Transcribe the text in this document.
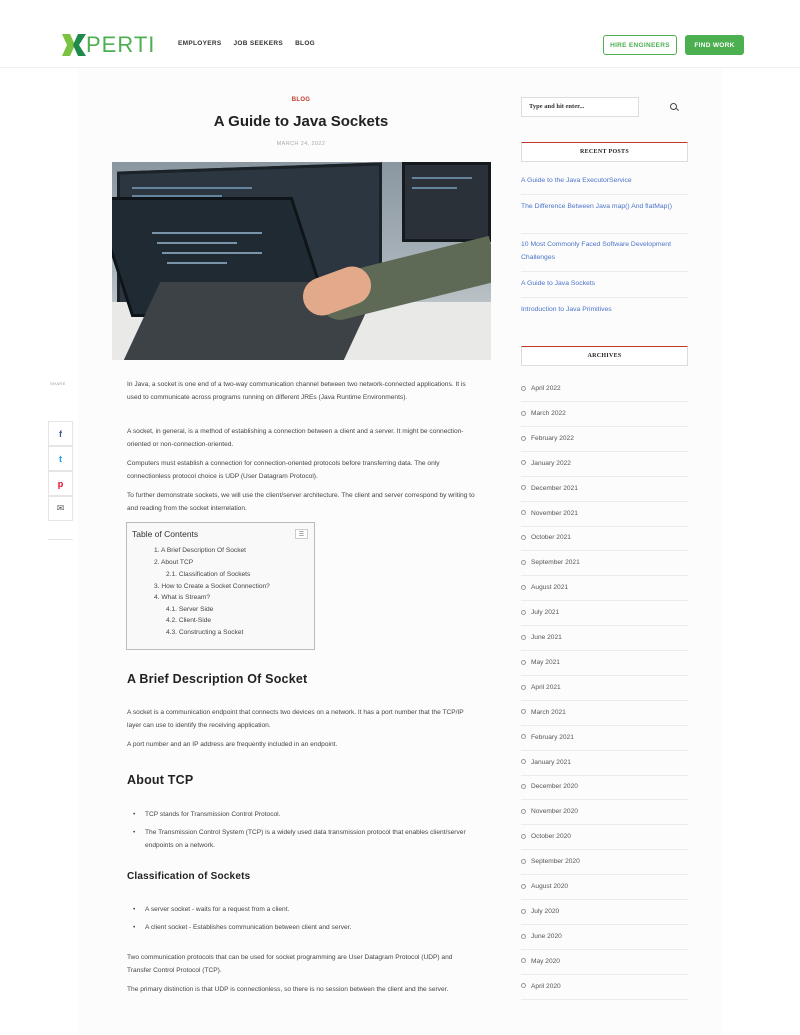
PERTI	EMPLOYERS JOB SEEKERS BLOG	HIRE ENGINEERS	FIND WORK
BLOG
A Guide to Java Sockets
MARCH 24, 2022
SHARE
f
t
p
✉
In Java, a socket is one end of a two-way communication channel between two network-connected applications. It is used to communicate across programs running on different JREs (Java Runtime Environments).
A socket, in general, is a method of establishing a connection between a client and a server. It might be connection-oriented or non-connection-oriented.
Computers must establish a connection for connection-oriented protocols before transferring data. The only connectionless protocol choice is UDP (User Datagram Protocol).
To further demonstrate sockets, we will use the client/server architecture. The client and server correspond by writing to and reading from the socket interrelation.
Table of Contents	☰
1. A Brief Description Of Socket
2. About TCP
2.1. Classification of Sockets
3. How to Create a Socket Connection?
4. What is Stream?
4.1. Server Side
4.2. Client-Side
4.3. Constructing a Socket
A Brief Description Of Socket
A socket is a communication endpoint that connects two devices on a network. It has a port number that the TCP/IP layer can use to identify the receiving application.
A port number and an IP address are frequently included in an endpoint.
About TCP
• TCP stands for Transmission Control Protocol.
• The Transmission Control System (TCP) is a widely used data transmission protocol that enables client/server endpoints on a network.
Classification of Sockets
• A server socket - waits for a request from a client.
• A client socket - Establishes communication between client and server.
Two communication protocols that can be used for socket programming are User Datagram Protocol (UDP) and Transfer Control Protocol (TCP).
The primary distinction is that UDP is connectionless, so there is no session between the client and the server.
Type and hit enter...
RECENT POSTS
A Guide to the Java ExecutorService
The Difference Between Java map() And flatMap()
10 Most Commonly Faced Software Development Challenges
A Guide to Java Sockets
Introduction to Java Primitives
ARCHIVES
April 2022
March 2022
February 2022
January 2022
December 2021
November 2021
October 2021
September 2021
August 2021
July 2021
June 2021
May 2021
April 2021
March 2021
February 2021
January 2021
December 2020
November 2020
October 2020
September 2020
August 2020
July 2020
June 2020
May 2020
April 2020
